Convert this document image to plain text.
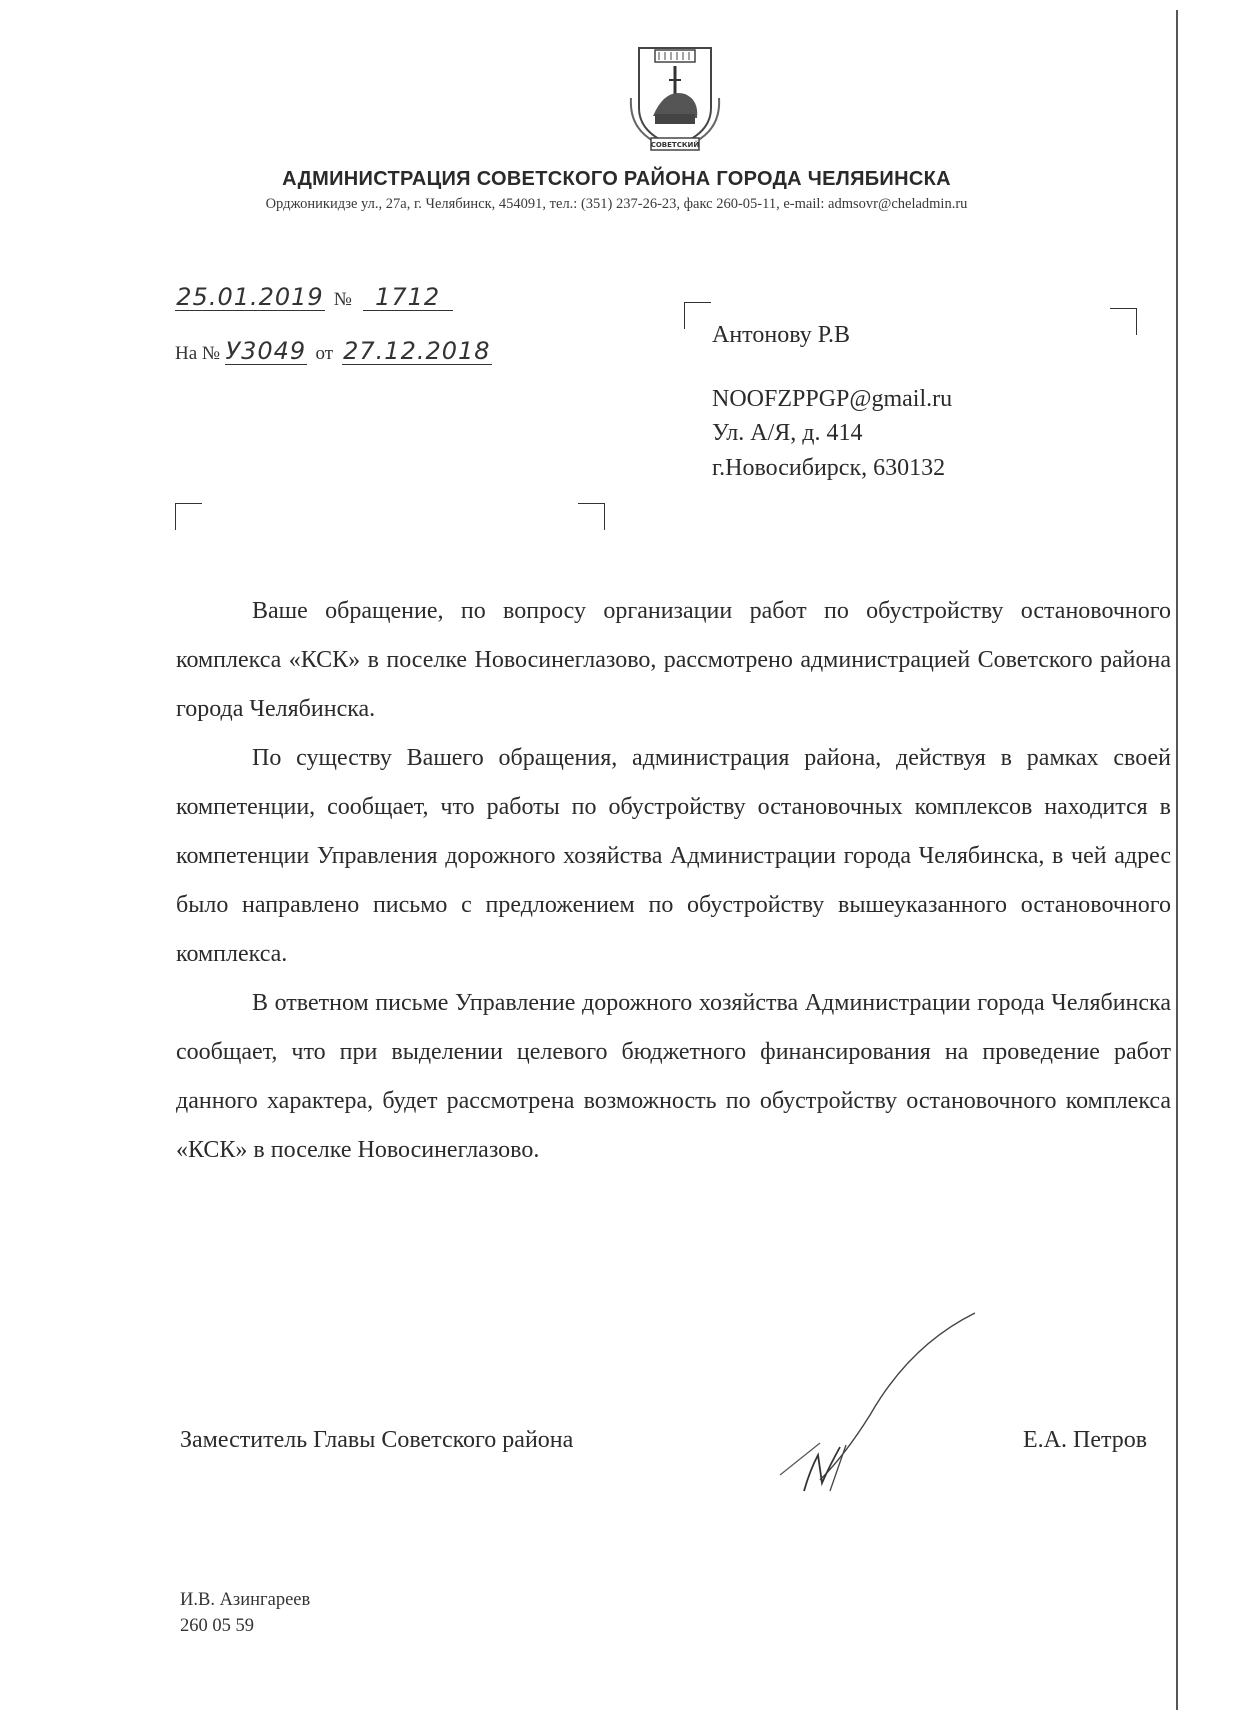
СОВЕТСКИЙ
АДМИНИСТРАЦИЯ СОВЕТСКОГО РАЙОНА ГОРОДА ЧЕЛЯБИНСКА
Орджоникидзе ул., 27а, г. Челябинск, 454091, тел.: (351) 237-26-23, факс 260-05-11, e-mail: admsovr@cheladmin.ru
25.01.2019 № 1712
На № У3049 от 27.12.2018
Антонову Р.В
NOOFZPPGP@gmail.ru
Ул. А/Я, д. 414
г.Новосибирск, 630132

Ваше обращение, по вопросу организации работ по обустройству остановочного комплекса «КСК» в поселке Новосинеглазово, рассмотрено администрацией Советского района города Челябинска.

По существу Вашего обращения, администрация района, действуя в рамках своей компетенции, сообщает, что работы по обустройству остановочных комплексов находится в компетенции Управления дорожного хозяйства Администрации города Челябинска, в чей адрес было направлено письмо с предложением по обустройству вышеуказанного остановочного комплекса.

В ответном письме Управление дорожного хозяйства Администрации города Челябинска сообщает, что при выделении целевого бюджетного финансирования на проведение работ данного характера, будет рассмотрена возможность по обустройству остановочного комплекса «КСК» в поселке Новосинеглазово.

Заместитель Главы Советского района	Е.А. Петров
И.В. Азингареев
260 05 59
